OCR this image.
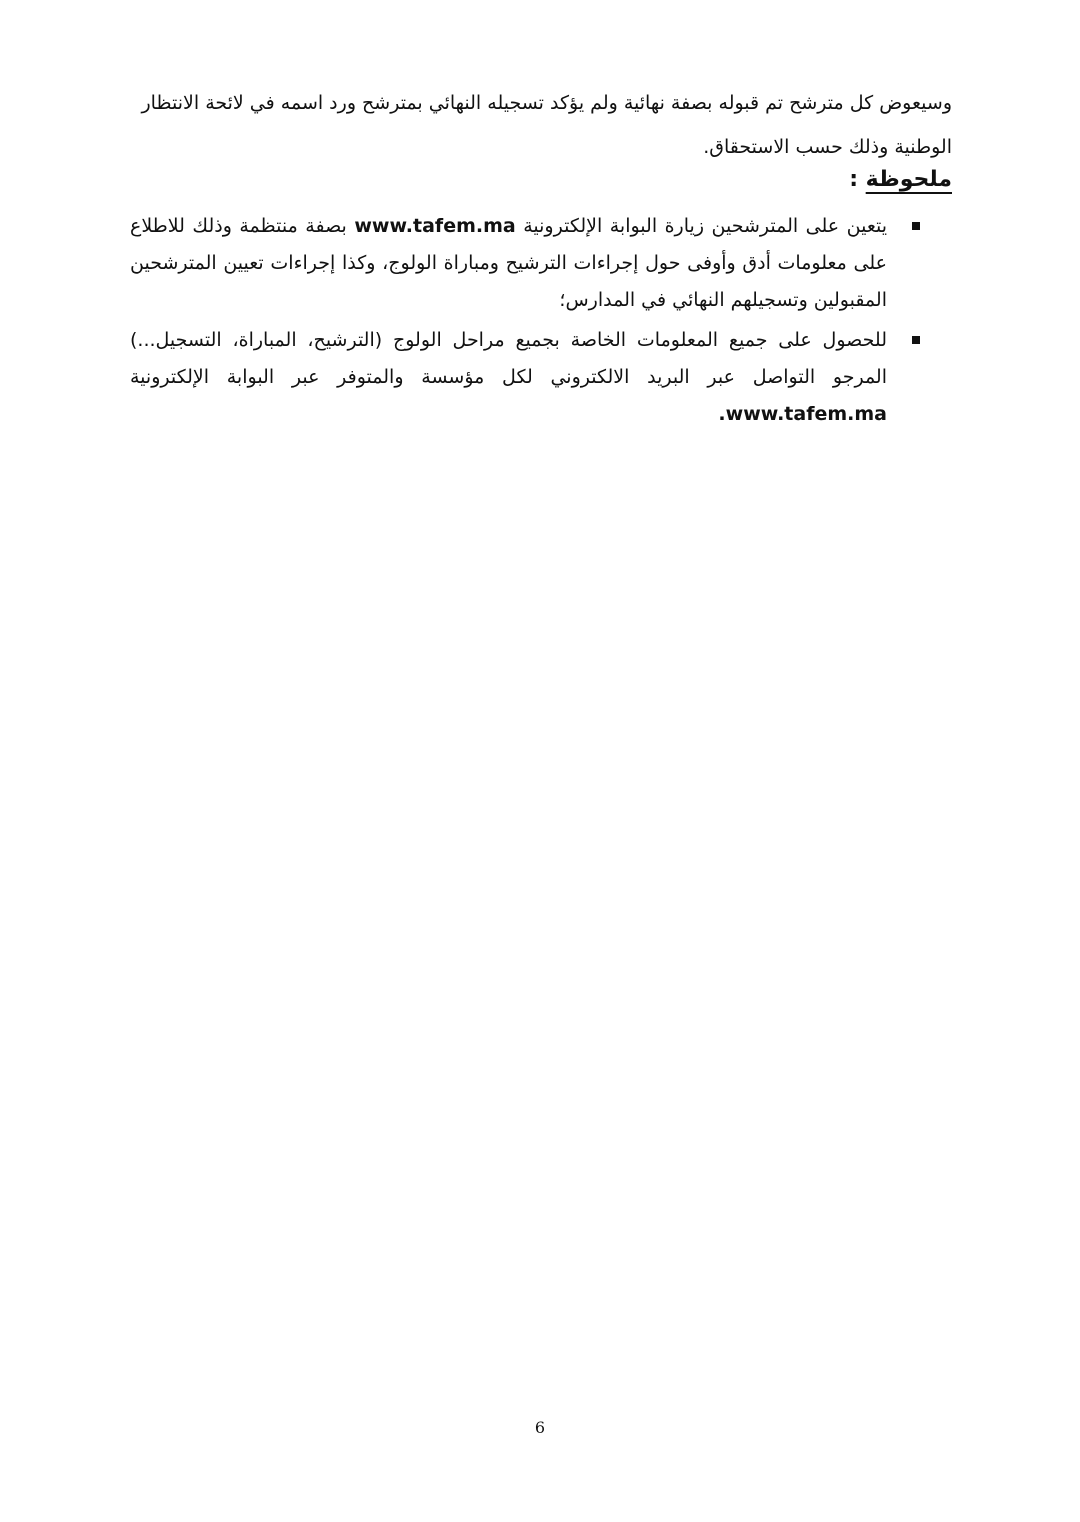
وسيعوض كل مترشح تم قبوله بصفة نهائية ولم يؤكد تسجيله النهائي بمترشح ورد اسمه في لائحة الانتظار الوطنية وذلك حسب الاستحقاق.

ملحوظة :
يتعين على المترشحين زيارة البوابة الإلكترونية www.tafem.ma بصفة منتظمة وذلك للاطلاع على معلومات أدق وأوفى حول إجراءات الترشيح ومباراة الولوج، وكذا إجراءات تعيين المترشحين المقبولين وتسجيلهم النهائي في المدارس؛
للحصول على جميع المعلومات الخاصة بجميع مراحل الولوج (الترشيح، المباراة، التسجيل...) المرجو التواصل عبر البريد الالكتروني لكل مؤسسة والمتوفر عبر البوابة الإلكترونية .www.tafem.ma
6
